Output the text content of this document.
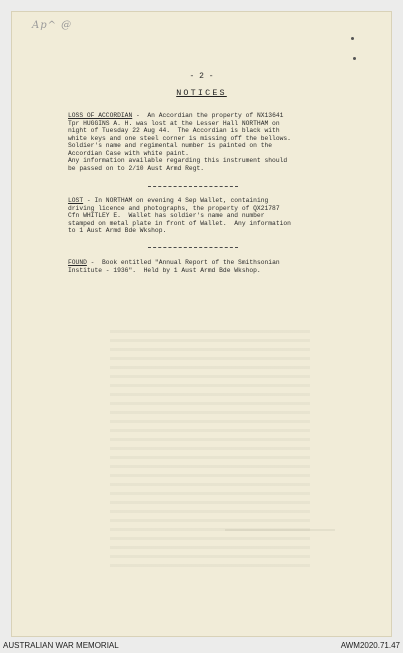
Ap^ @
- 2 -
NOTICES
LOSS OF ACCORDIAN -  An Accordian the property of NX13641
Tpr HUGGINS A. H. was lost at the Lesser Hall NORTHAM on
night of Tuesday 22 Aug 44.  The Accordian is black with
white keys and one steel corner is missing off the bellows.
Soldier's name and regimental number is painted on the
Accordian Case with white paint.
Any information available regarding this instrument should
be passed on to 2/10 Aust Armd Regt.
LOST - In NORTHAM on evening 4 Sep Wallet, containing
driving licence and photographs, the property of QX21787
Cfn WHITLEY E.  Wallet has soldier's name and number
stamped on metal plate in front of Wallet.  Any information
to 1 Aust Armd Bde Wkshop.
FOUND -  Book entitled "Annual Report of the Smithsonian
Institute - 1936".  Held by 1 Aust Armd Bde Wkshop.
AUSTRALIAN WAR MEMORIAL	AWM2020.71.47
